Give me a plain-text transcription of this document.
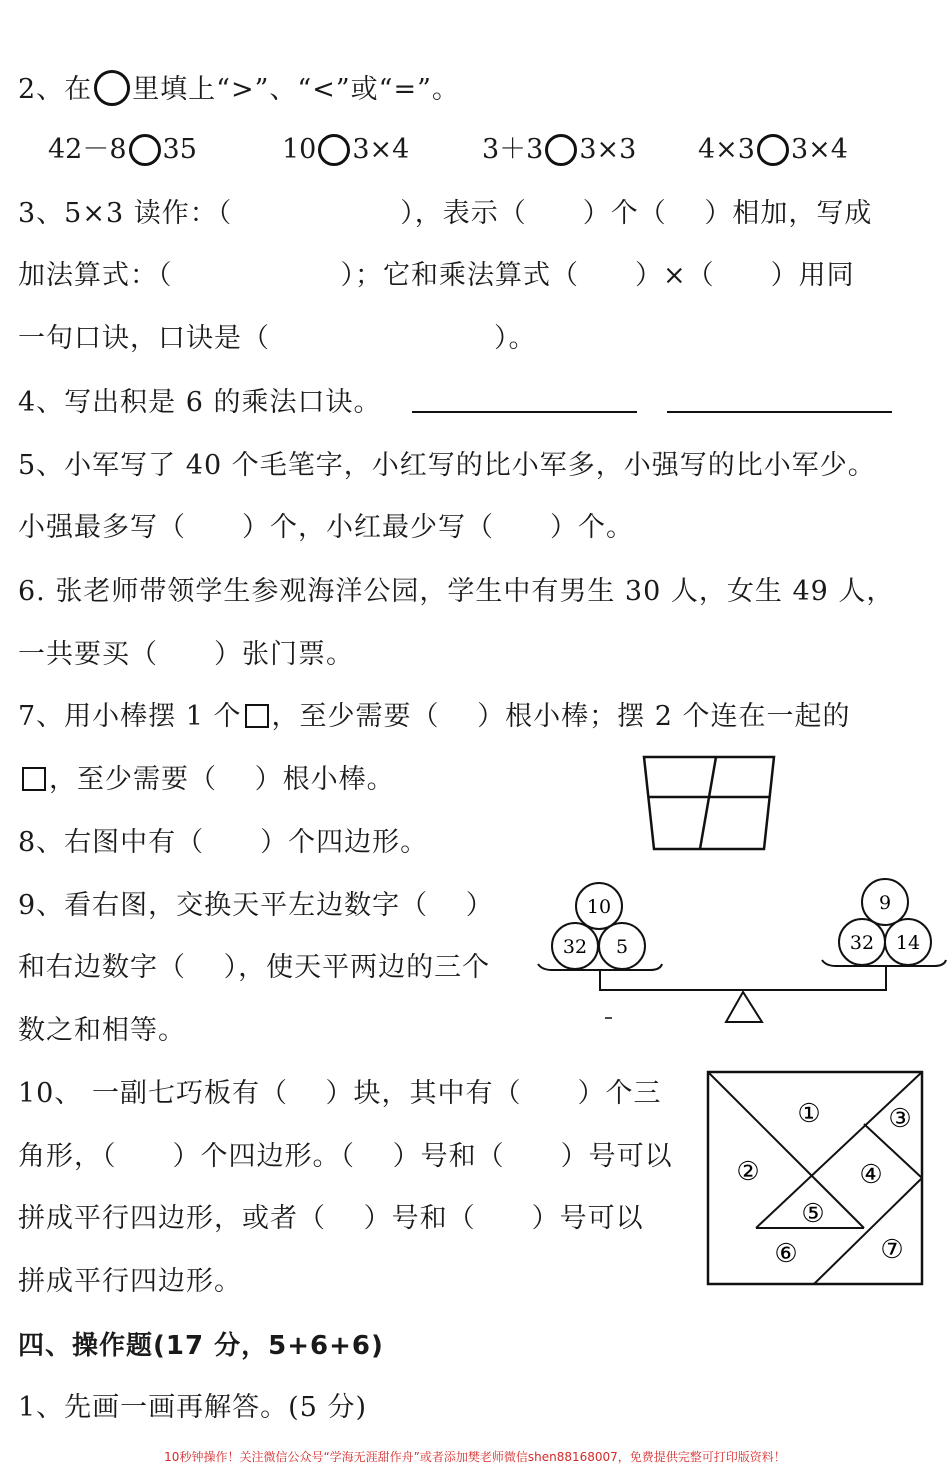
2、在 里填上“>”、“<”或“=”。
42－8 35	10 3×4	3＋3 3×3 4×3 3×4
3、5×3 读作：（　　　　　　），表示（　　）个（　 ）相加，写成
加法算式：（　　　　　　）；它和乘法算式（　　）×（　　）用同
一句口诀，口诀是（　　　　　　　　）。
4、写出积是 6 的乘法口诀。
5、小军写了 40 个毛笔字，小红写的比小军多，小强写的比小军少。
小强最多写（　　）个，小红最少写（　　）个。
6. 张老师带领学生参观海洋公园，学生中有男生 30 人，女生 49 人，
一共要买（　　）张门票。
7、用小棒摆 1 个 ，至少需要（　 ）根小棒；摆 2 个连在一起的
，至少需要（　 ）根小棒。
8、右图中有（　　）个四边形。
9、看右图，交换天平左边数字（　 ）
和右边数字（　 ），使天平两边的三个
数之和相等。
10
32 5
9
32 14
10、 一副七巧板有（　 ）块，其中有（　　）个三
角形，（　　）个四边形。（　 ）号和（　　）号可以
拼成平行四边形，或者（　 ）号和（　　）号可以
拼成平行四边形。
①
②
③
④
⑤
⑥	⑦
四、操作题(17 分，5+6+6)
1、先画一画再解答。(5 分)
10秒钟操作！关注微信公众号“学海无涯甜作舟”或者添加樊老师微信shen88168007，免费提供完整可打印版资料！
